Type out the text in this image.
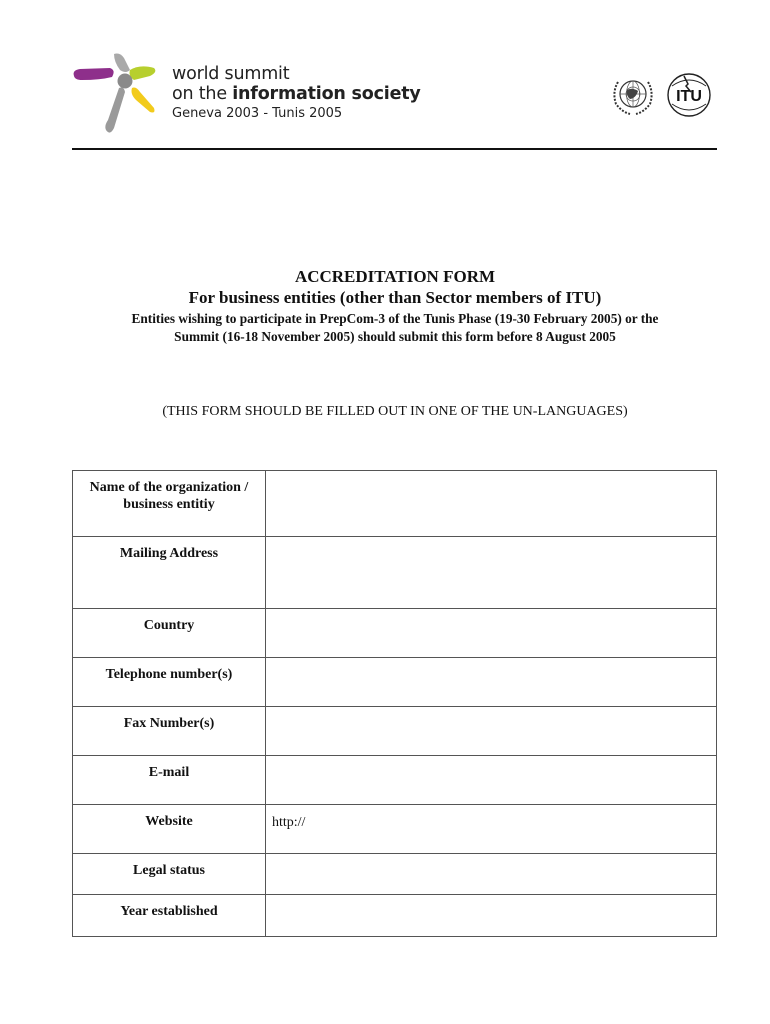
world summit
on the information society
Geneva 2003 - Tunis 2005
ITU
ACCREDITATION FORM
For business entities (other than Sector members of ITU)
Entities wishing to participate in PrepCom-3 of the Tunis Phase (19-30 February 2005) or the
Summit (16-18 November 2005) should submit this form before 8 August 2005
(THIS FORM SHOULD BE FILLED OUT IN ONE OF THE UN-LANGUAGES)
Name of the organization / business entitiy	
Mailing Address	
Country	
Telephone number(s)	
Fax Number(s)	
E-mail	
Website	http://
Legal status	
Year established	
